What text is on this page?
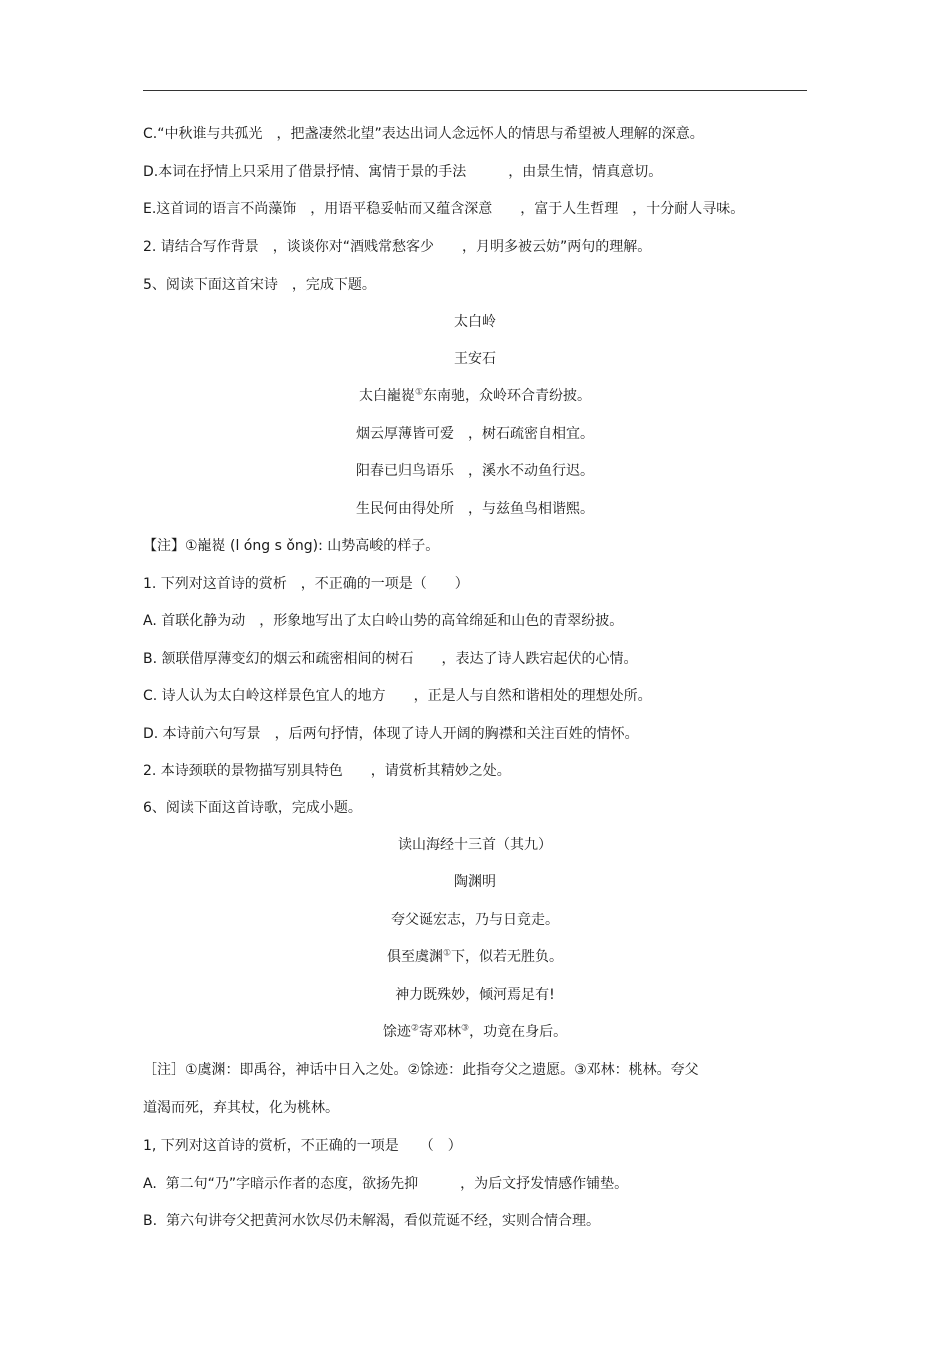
C.“中秋谁与共孤光　，把盏凄然北望”表达出词人念远怀人的情思与希望被人理解的深意。
D.本词在抒情上只采用了借景抒情、寓情于景的手法　　　，由景生情，情真意切。
E.这首词的语言不尚藻饰　，用语平稳妥帖而又蕴含深意　　，富于人生哲理　，十分耐人寻味。
2. 请结合写作背景　，谈谈你对“酒贱常愁客少　　，月明多被云妨”两句的理解。
5、阅读下面这首宋诗　，完成下题。
太白岭
王安石
太白巃嵸①东南驰，众岭环合青纷披。
烟云厚薄皆可爱　，树石疏密自相宜。
阳春已归鸟语乐　，溪水不动鱼行迟。
生民何由得处所　，与兹鱼鸟相谐熙。
【注】①巃嵸 (l óng s ǒng): 山势高峻的样子。
1. 下列对这首诗的赏析　，不正确的一项是（　　）
A. 首联化静为动　，形象地写出了太白岭山势的高耸绵延和山色的青翠纷披。
B. 颔联借厚薄变幻的烟云和疏密相间的树石　　，表达了诗人跌宕起伏的心情。
C. 诗人认为太白岭这样景色宜人的地方　　，正是人与自然和谐相处的理想处所。
D. 本诗前六句写景　，后两句抒情，体现了诗人开阔的胸襟和关注百姓的情怀。
2. 本诗颈联的景物描写别具特色　　，请赏析其精妙之处。
6、阅读下面这首诗歌，完成小题。
读山海经十三首（其九）
陶渊明
夸父诞宏志，乃与日竞走。
俱至虞渊①下，似若无胜负。
神力既殊妙，倾河焉足有!
馀迹②寄邓林③，功竟在身后。
［注］①虞渊：即禹谷，神话中日入之处。②馀迹：此指夸父之遗愿。③邓林：桃林。夸父
道渴而死，弃其杖，化为桃林。
1, 下列对这首诗的赏析，不正确的一项是　　（　）
A.  第二句“乃”字暗示作者的态度，欲扬先抑　　　，为后文抒发情感作铺垫。
B.  第六句讲夸父把黄河水饮尽仍未解渴，看似荒诞不经，实则合情合理。
